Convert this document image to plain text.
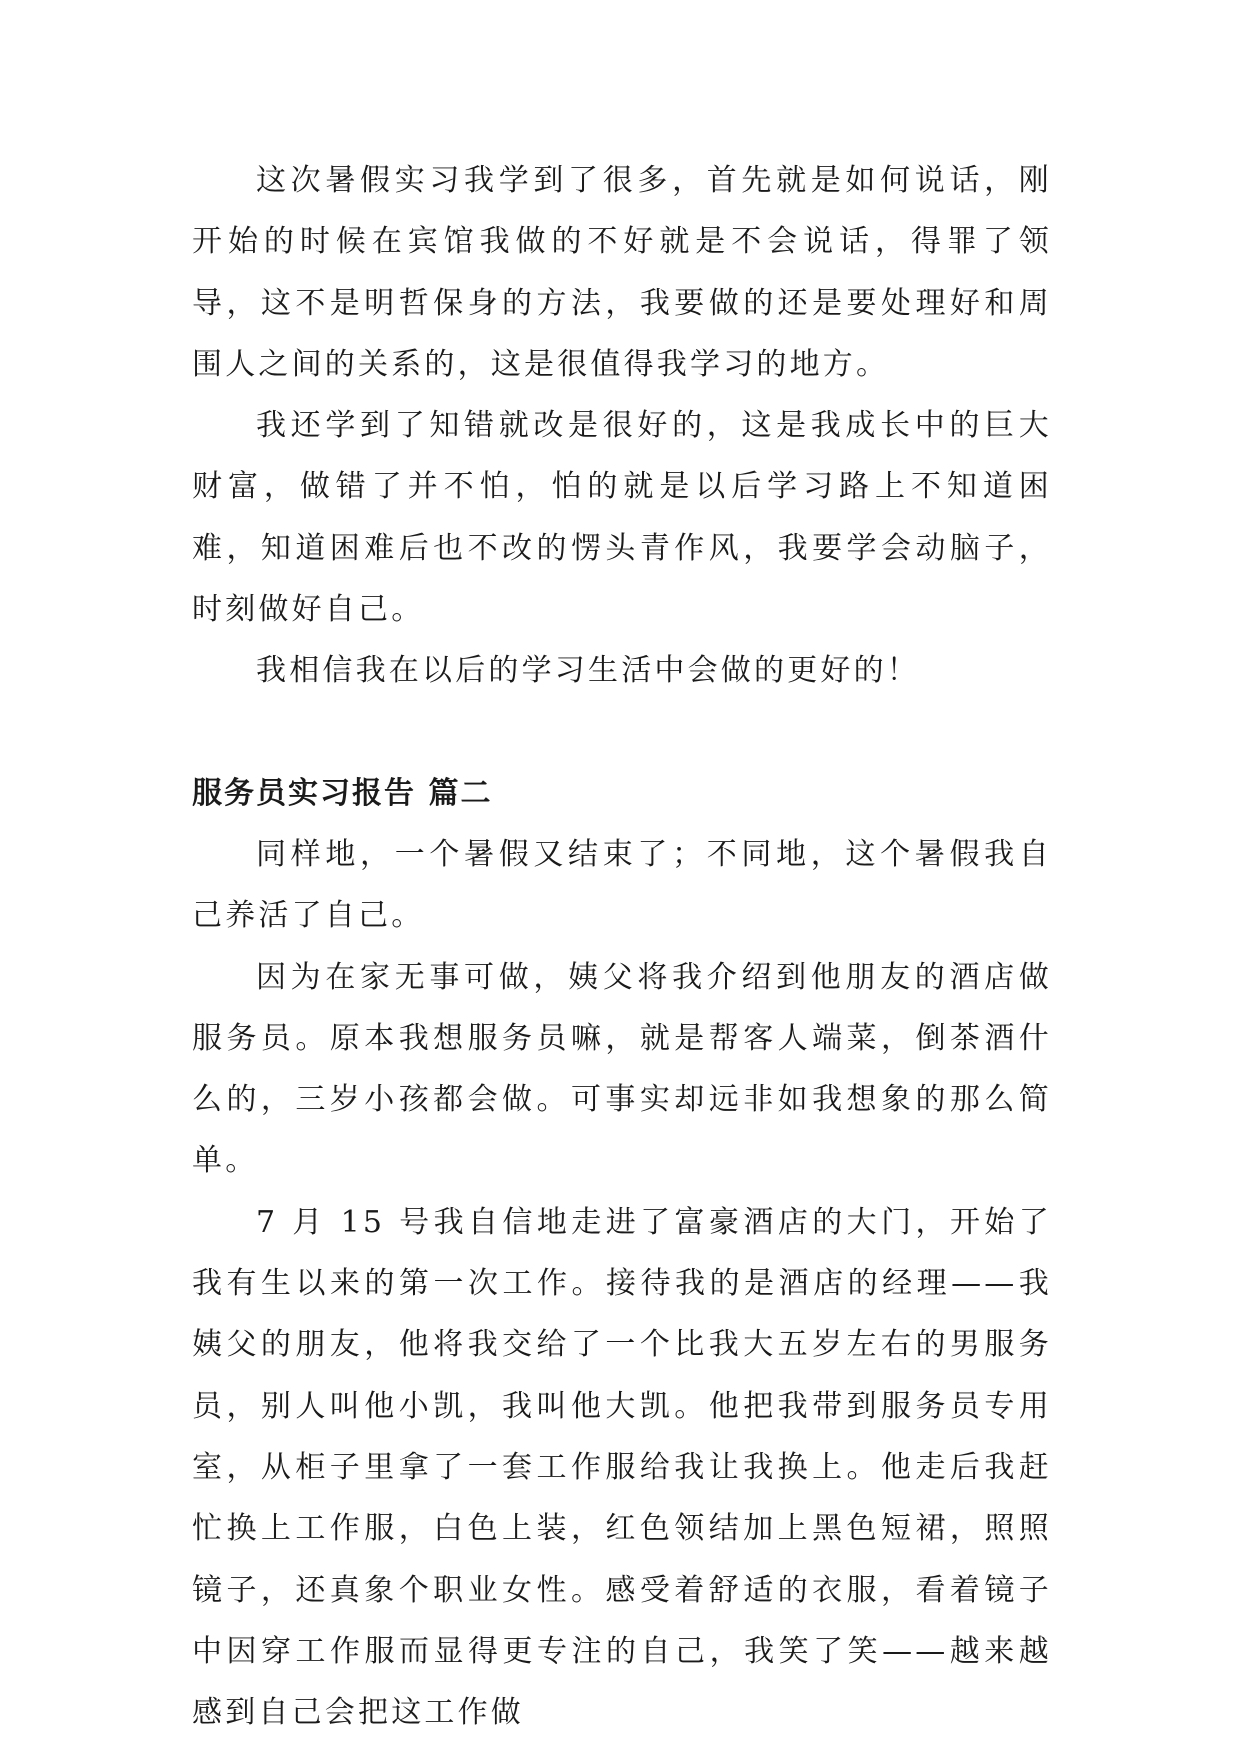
这次暑假实习我学到了很多，首先就是如何说话，刚开始的时候在宾馆我做的不好就是不会说话，得罪了领导，这不是明哲保身的方法，我要做的还是要处理好和周围人之间的关系的，这是很值得我学习的地方。

我还学到了知错就改是很好的，这是我成长中的巨大财富，做错了并不怕，怕的就是以后学习路上不知道困难，知道困难后也不改的愣头青作风，我要学会动脑子，时刻做好自己。

我相信我在以后的学习生活中会做的更好的！

服务员实习报告 篇二

同样地，一个暑假又结束了；不同地，这个暑假我自己养活了自己。

因为在家无事可做，姨父将我介绍到他朋友的酒店做服务员。原本我想服务员嘛，就是帮客人端菜，倒茶酒什么的，三岁小孩都会做。可事实却远非如我想象的那么简单。

7 月 15 号我自信地走进了富豪酒店的大门，开始了我有生以来的第一次工作。接待我的是酒店的经理——我姨父的朋友，他将我交给了一个比我大五岁左右的男服务员，别人叫他小凯，我叫他大凯。他把我带到服务员专用室，从柜子里拿了一套工作服给我让我换上。他走后我赶忙换上工作服，白色上装，红色领结加上黑色短裙，照照镜子，还真象个职业女性。感受着舒适的衣服，看着镜子中因穿工作服而显得更专注的自己，我笑了笑——越来越感到自己会把这工作做
